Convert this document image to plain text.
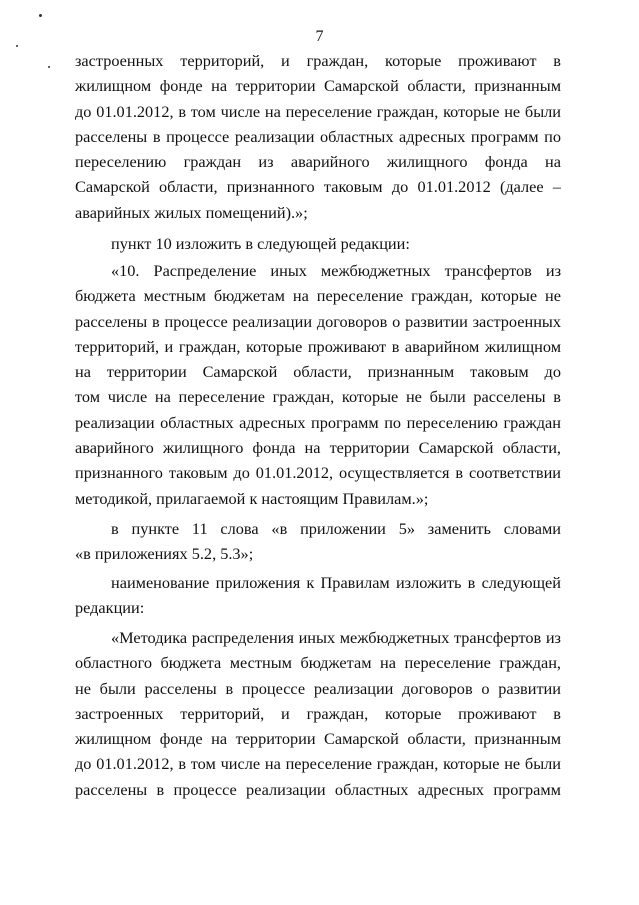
7
застроенных территорий, и граждан, которые проживают в
жилищном фонде на территории Самарской области, признанным
до 01.01.2012, в том числе на переселение граждан, которые не были
расселены в процессе реализации областных адресных программ по
переселению граждан из аварийного жилищного фонда на
Самарской области, признанного таковым до 01.01.2012 (далее –
аварийных жилых помещений).»;
пункт 10 изложить в следующей редакции:
«10. Распределение иных межбюджетных трансфертов из
бюджета местным бюджетам на переселение граждан, которые не
расселены в процессе реализации договоров о развитии застроенных
территорий, и граждан, которые проживают в аварийном жилищном
на территории Самарской области, признанным таковым до
том числе на переселение граждан, которые не были расселены в
реализации областных адресных программ по переселению граждан
аварийного жилищного фонда на территории Самарской области,
признанного таковым до 01.01.2012, осуществляется в соответствии
методикой, прилагаемой к настоящим Правилам.»;
в пункте 11 слова «в приложении 5» заменить словами
«в приложениях 5.2, 5.3»;
наименование приложения к Правилам изложить в следующей
редакции:
«Методика распределения иных межбюджетных трансфертов из
областного бюджета местным бюджетам на переселение граждан,
не были расселены в процессе реализации договоров о развитии
застроенных территорий, и граждан, которые проживают в
жилищном фонде на территории Самарской области, признанным
до 01.01.2012, в том числе на переселение граждан, которые не были
расселены в процессе реализации областных адресных программ
